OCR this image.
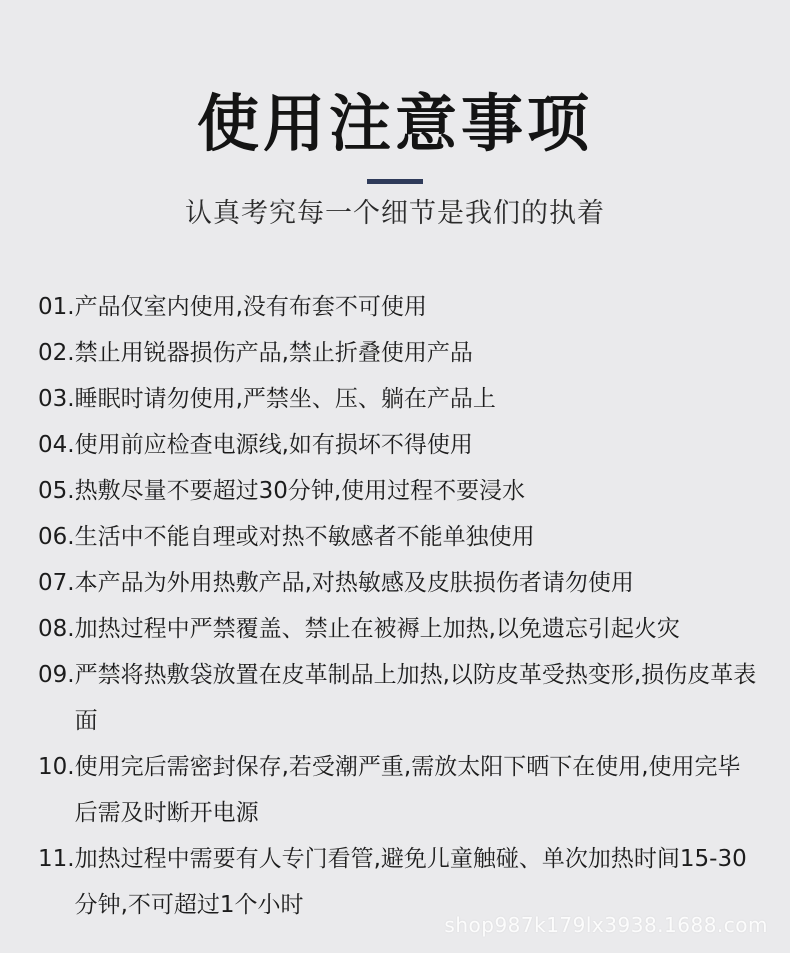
使用注意事项
认真考究每一个细节是我们的执着
01. 产品仅室内使用,没有布套不可使用
02. 禁止用锐器损伤产品,禁止折叠使用产品
03. 睡眠时请勿使用,严禁坐、压、躺在产品上
04. 使用前应检查电源线,如有损坏不得使用
05. 热敷尽量不要超过30分钟,使用过程不要浸水
06. 生活中不能自理或对热不敏感者不能单独使用
07. 本产品为外用热敷产品,对热敏感及皮肤损伤者请勿使用
08. 加热过程中严禁覆盖、禁止在被褥上加热,以免遗忘引起火灾
09. 严禁将热敷袋放置在皮革制品上加热,以防皮革受热变形,损伤皮革表面
10. 使用完后需密封保存,若受潮严重,需放太阳下晒下在使用,使用完毕后需及时断开电源
11. 加热过程中需要有人专门看管,避免儿童触碰、单次加热时间15-30分钟,不可超过1个小时
shop987k179lx3938.1688.com
